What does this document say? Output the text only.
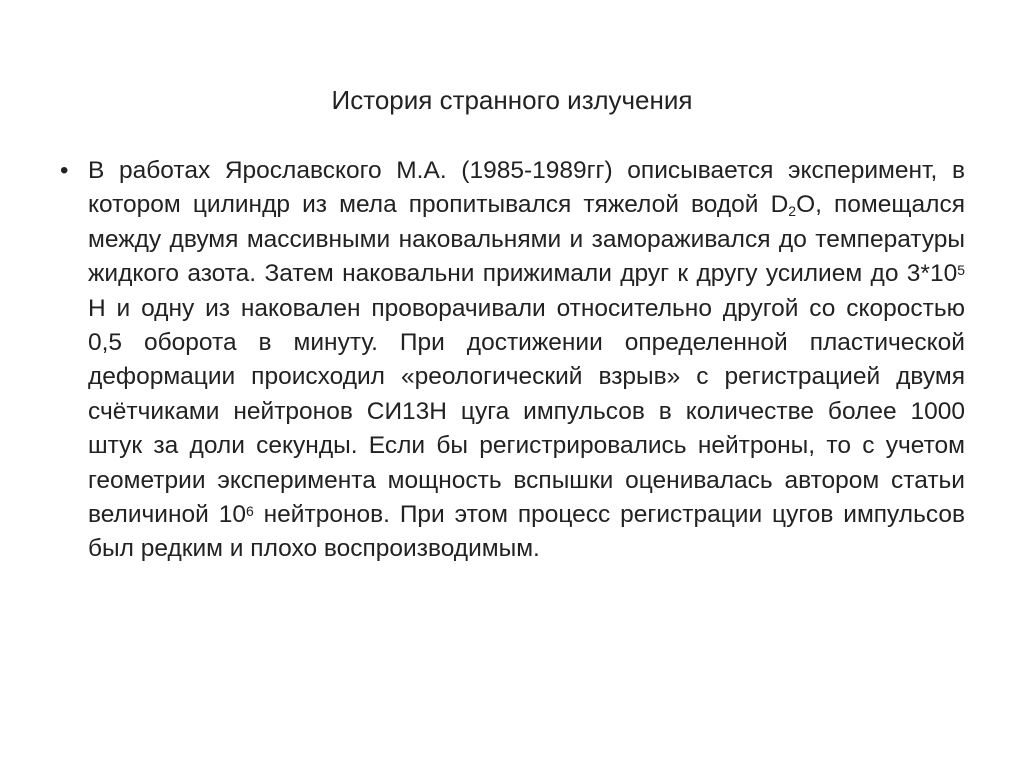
История странного излучения
• В работах Ярославского М.А. (1985-1989гг) описывается эксперимент, в котором цилиндр из мела пропитывался тяжелой водой $D_2O$, помещался между двумя массивными наковальнями и замораживался до температуры жидкого азота. Затем наковальни прижимали друг к другу усилием до $3*10^5$ Н и одну из наковален проворачивали относительно другой со скоростью 0,5 оборота в минуту. При достижении определенной пластической деформации происходил «реологический взрыв» с регистрацией двумя счётчиками нейтронов СИ13Н цуга импульсов в количестве более 1000 штук за доли секунды. Если бы регистрировались нейтроны, то с учетом геометрии эксперимента мощность вспышки оценивалась автором статьи величиной $10^6$ нейтронов. При этом процесс регистрации цугов импульсов был редким и плохо воспроизводимым.
